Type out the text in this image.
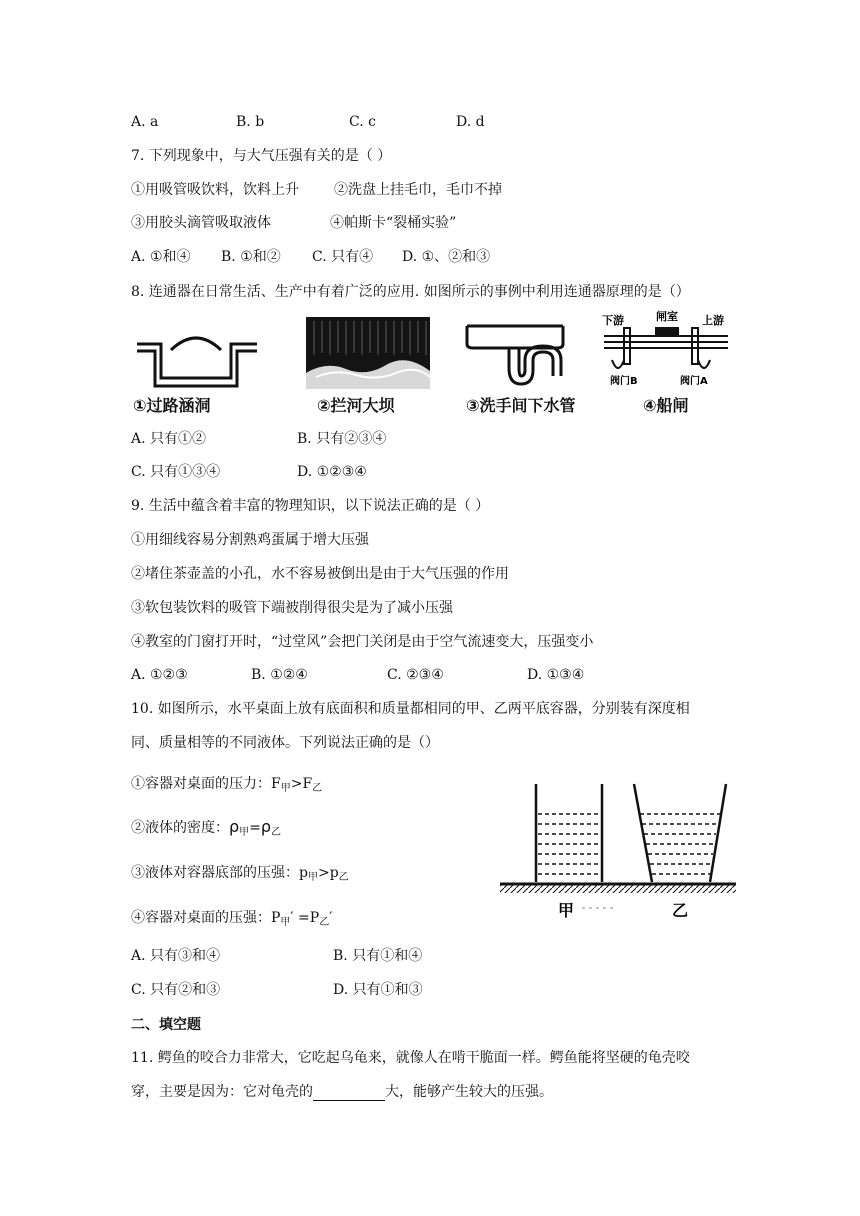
A. a	B. b	C. c	D. d
7. 下列现象中，与大气压强有关的是（ ）
①用吸管吸饮料，饮料上升	②洗盘上挂毛巾，毛巾不掉
③用胶头滴管吸取液体	④帕斯卡“裂桶实验”
A. ①和④ B. ①和② C. 只有④ D. ①、②和③
8. 连通器在日常生活、生产中有着广泛的应用. 如图所示的事例中利用连通器原理的是（）
①过路涵洞	②拦河大坝	③洗手间下水管
下游	闸室 上游
阀门B	阀门A
④船闸
A. 只有①②	B. 只有②③④
C. 只有①③④	D. ①②③④
9. 生活中蕴含着丰富的物理知识，以下说法正确的是（ ）
①用细线容易分割熟鸡蛋属于增大压强
②堵住茶壶盖的小孔，水不容易被倒出是由于大气压强的作用
③软包装饮料的吸管下端被削得很尖是为了减小压强
④教室的门窗打开时，“过堂风”会把门关闭是由于空气流速变大，压强变小
A. ①②③	B. ①②④	C. ②③④	D. ①③④
10. 如图所示，水平桌面上放有底面积和质量都相同的甲、乙两平底容器，分别装有深度相
同、质量相等的不同液体。下列说法正确的是（）
①容器对桌面的压力：$F_甲>F_乙$
②液体的密度：$\rho_甲=\rho_乙$
③液体对容器底部的压强：$p_甲>p_乙$
④容器对桌面的压强：$P_甲' =P_乙'$	甲	乙
A. 只有③和④	B. 只有①和④
C. 只有②和③	D. 只有①和③
二、填空题
11. 鳄鱼的咬合力非常大，它吃起乌龟来，就像人在啃干脆面一样。鳄鱼能将坚硬的龟壳咬
穿，主要是因为：它对龟壳的	大，能够产生较大的压强。
